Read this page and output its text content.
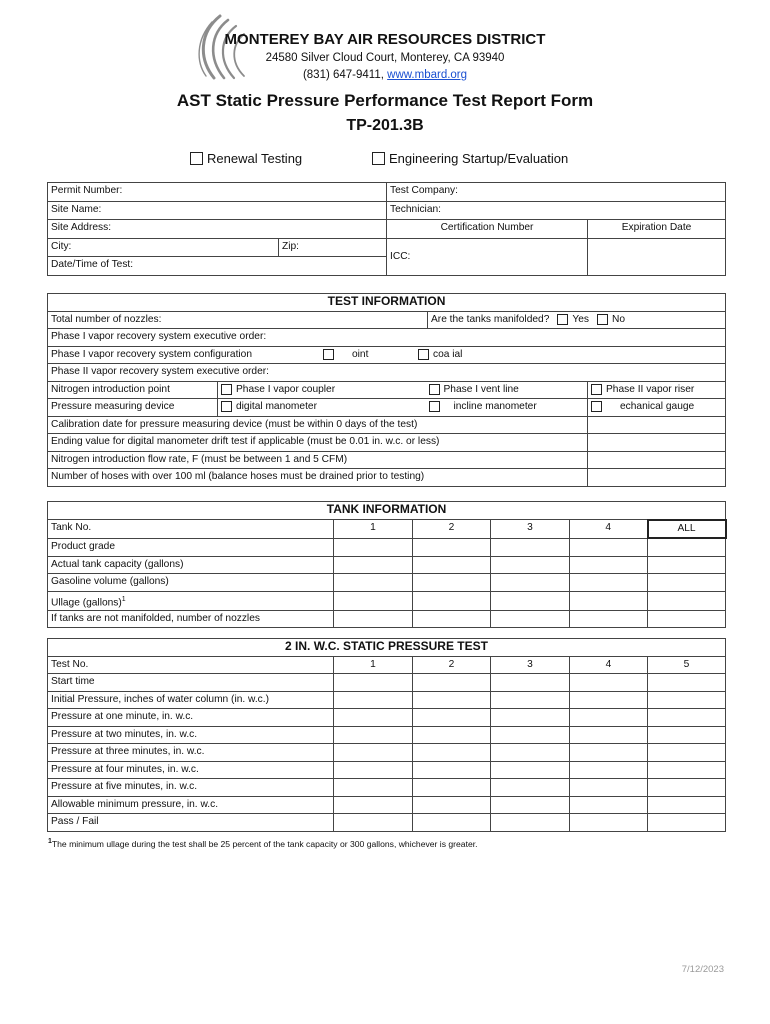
MONTEREY BAY AIR RESOURCES DISTRICT
24580 Silver Cloud Court, Monterey, CA 93940
(831) 647-9411, www.mbard.org
AST Static Pressure Performance Test Report Form
TP-201.3B
Renewal Testing	Engineering Startup/Evaluation
Permit Number:		Test Company:	
Site Name:		Technician:	
Site Address:		Certification Number	Expiration Date
City:	Zip:	ICC:	
Date/Time of Test:			
TEST INFORMATION				
Total number of nozzles:			Are the tanks manifolded? Yes No	

Phase I vapor recovery system executive order:				

Phase I vapor recovery system configuration oint coa ial				

Phase II vapor recovery system executive order:				
Nitrogen introduction point	Phase I vapor coupler	Phase I vent line		Phase II vapor riser

Pressure measuring device	digital manometer	incline manometer		echanical gauge

Calibration date for pressure measuring device (must be within 0 days of the test)				
Ending value for digital manometer drift test if applicable (must be 0.01 in. w.c. or less)				
Nitrogen introduction flow rate, F (must be between 1 and 5 CFM)				
Number of hoses with over 100 ml (balance hoses must be drained prior to testing)				
TANK INFORMATION					
Tank No.	1	2	3	4	ALL
Product grade					
Actual tank capacity (gallons)					
Gasoline volume (gallons)					
Ullage (gallons)$^1$					
If tanks are not manifolded, number of nozzles					
2 IN. W.C. STATIC PRESSURE TEST					
Test No.	1	2	3	4	5
Start time					
Initial Pressure, inches of water column (in. w.c.)					
Pressure at one minute, in. w.c.					
Pressure at two minutes, in. w.c.					
Pressure at three minutes, in. w.c.					
Pressure at four minutes, in. w.c.					
Pressure at five minutes, in. w.c.					
Allowable minimum pressure, in. w.c.					
Pass / Fail					
$^1$The minimum ullage during the test shall be 25 percent of the tank capacity or 300 gallons, whichever is greater.
7/12/2023
